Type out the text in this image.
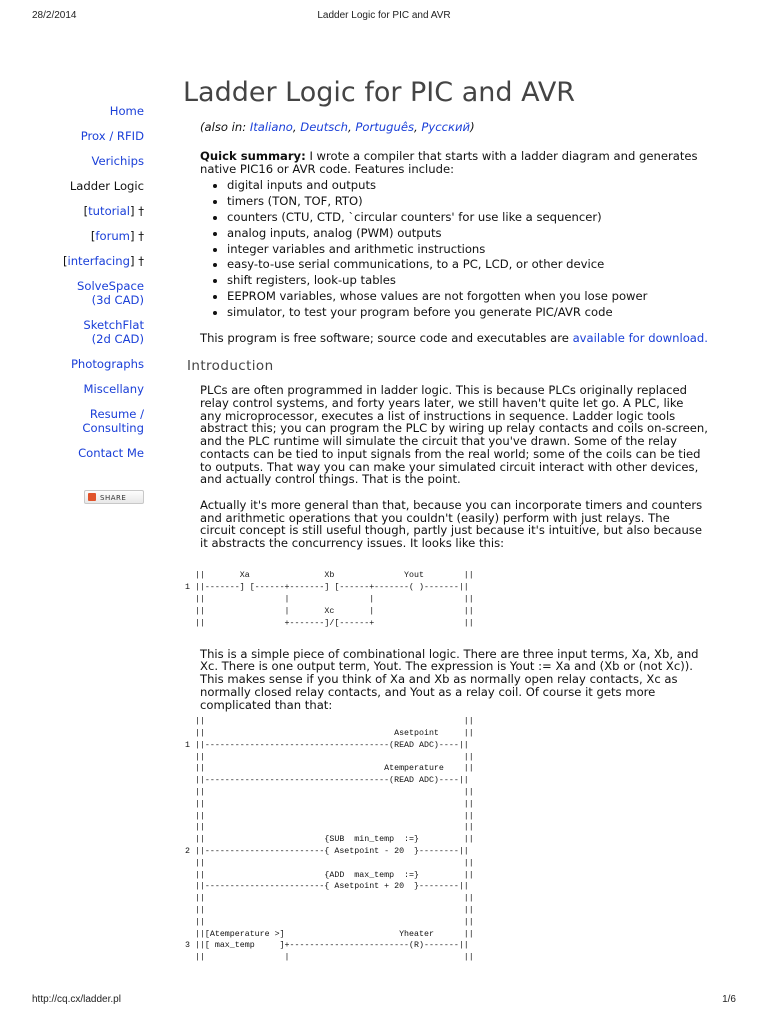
28/2/2014	Ladder Logic for PIC and AVR
Home
Prox / RFID
Verichips
Ladder Logic
[tutorial] †
[forum] †
[interfacing] †
SolveSpace
(3d CAD)
SketchFlat
(2d CAD)
Photographs
Miscellany
Resume /
Consulting
Contact Me
SHARE
Ladder Logic for PIC and AVR
(also in: Italiano, Deutsch, Português, Русский)

Quick summary: I wrote a compiler that starts with a ladder diagram and generates native PIC16 or AVR code. Features include:

• digital inputs and outputs
• timers (TON, TOF, RTO)
• counters (CTU, CTD, `circular counters' for use like a sequencer)
• analog inputs, analog (PWM) outputs
• integer variables and arithmetic instructions
• easy-to-use serial communications, to a PC, LCD, or other device
• shift registers, look-up tables
• EEPROM variables, whose values are not forgotten when you lose power
• simulator, to test your program before you generate PIC/AVR code

This program is free software; source code and executables are available for download.

Introduction

PLCs are often programmed in ladder logic. This is because PLCs originally replaced relay control systems, and forty years later, we still haven't quite let go. A PLC, like any microprocessor, executes a list of instructions in sequence. Ladder logic tools abstract this; you can program the PLC by wiring up relay contacts and coils on-screen, and the PLC runtime will simulate the circuit that you've drawn. Some of the relay contacts can be tied to input signals from the real world; some of the coils can be tied to outputs. That way you can make your simulated circuit interact with other devices, and actually control things. That is the point.

Actually it's more general than that, because you can incorporate timers and counters and arithmetic operations that you couldn't (easily) perform with just relays. The circuit concept is still useful though, partly just because it's intuitive, but also because it abstracts the concurrency issues. It looks like this:

||       Xa               Xb              Yout        ||
1 ||-------] [------+-------] [------+-------( )-------||
||                |                |                  ||
||                |       Xc       |                  ||
||                +-------]/[------+                  ||

This is a simple piece of combinational logic. There are three input terms, Xa, Xb, and Xc. There is one output term, Yout. The expression is Yout := Xa and (Xb or (not Xc)). This makes sense if you think of Xa and Xb as normally open relay contacts, Xc as normally closed relay contacts, and Yout as a relay coil. Of course it gets more complicated than that:

||                                                    ||
||                                      Asetpoint     ||
1 ||-------------------------------------(READ ADC)----||
||                                                    ||
||                                    Atemperature    ||
||-------------------------------------(READ ADC)----||
||                                                    ||
||                                                    ||
||                                                    ||
||                                                    ||
||                        {SUB  min_temp  :=}         ||
2 ||------------------------{ Asetpoint - 20  }--------||
||                                                    ||
||                        {ADD  max_temp  :=}         ||
||------------------------{ Asetpoint + 20  }--------||
||                                                    ||
||                                                    ||
||                                                    ||
||[Atemperature >]                       Yheater      ||
3 ||[ max_temp     ]+------------------------(R)-------||
||                |                                   ||
http://cq.cx/ladder.pl	1/6
